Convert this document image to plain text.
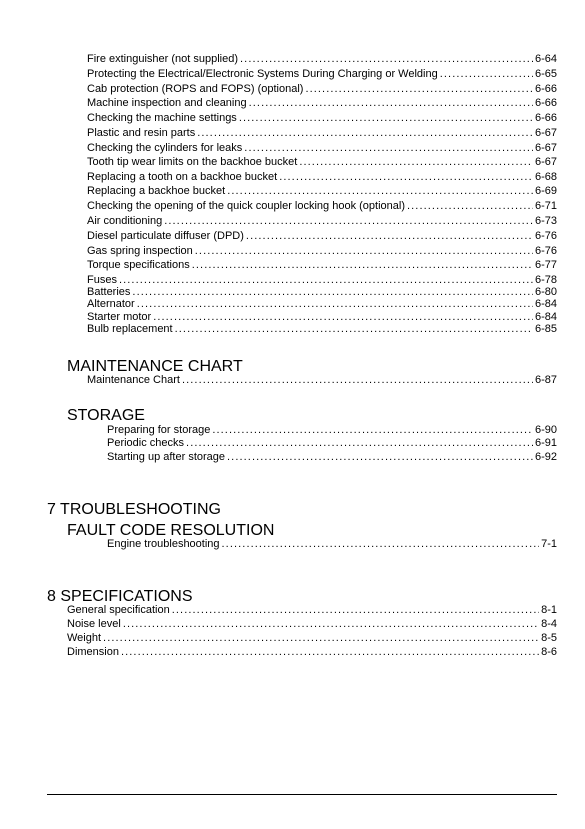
Fire extinguisher (not supplied) .....	6-64
Protecting the Electrical/Electronic Systems During Charging or Welding .....	6-65
Cab protection (ROPS and FOPS) (optional) .....	6-66
Machine inspection and cleaning .....	6-66
Checking the machine settings .....	6-66
Plastic and resin parts .....	6-67
Checking the cylinders for leaks .....	6-67
Tooth tip wear limits on the backhoe bucket .....	6-67
Replacing a tooth on a backhoe bucket .....	6-68
Replacing a backhoe bucket .....	6-69
Checking the opening of the quick coupler locking hook (optional) .....	6-71
Air conditioning .....	6-73
Diesel particulate diffuser (DPD) .....	6-76
Gas spring inspection .....	6-76
Torque specifications .....	6-77
Fuses .....	6-78
Batteries .....	6-80
Alternator .....	6-84
Starter motor .....	6-84
Bulb replacement .....	6-85
MAINTENANCE CHART
Maintenance Chart .....	6-87
STORAGE
Preparing for storage .....	6-90
Periodic checks .....	6-91
Starting up after storage .....	6-92
7 TROUBLESHOOTING
FAULT CODE RESOLUTION
Engine troubleshooting .....	7-1
8 SPECIFICATIONS
General specification .....	8-1
Noise level .....	8-4
Weight .....	8-5
Dimension .....	8-6
